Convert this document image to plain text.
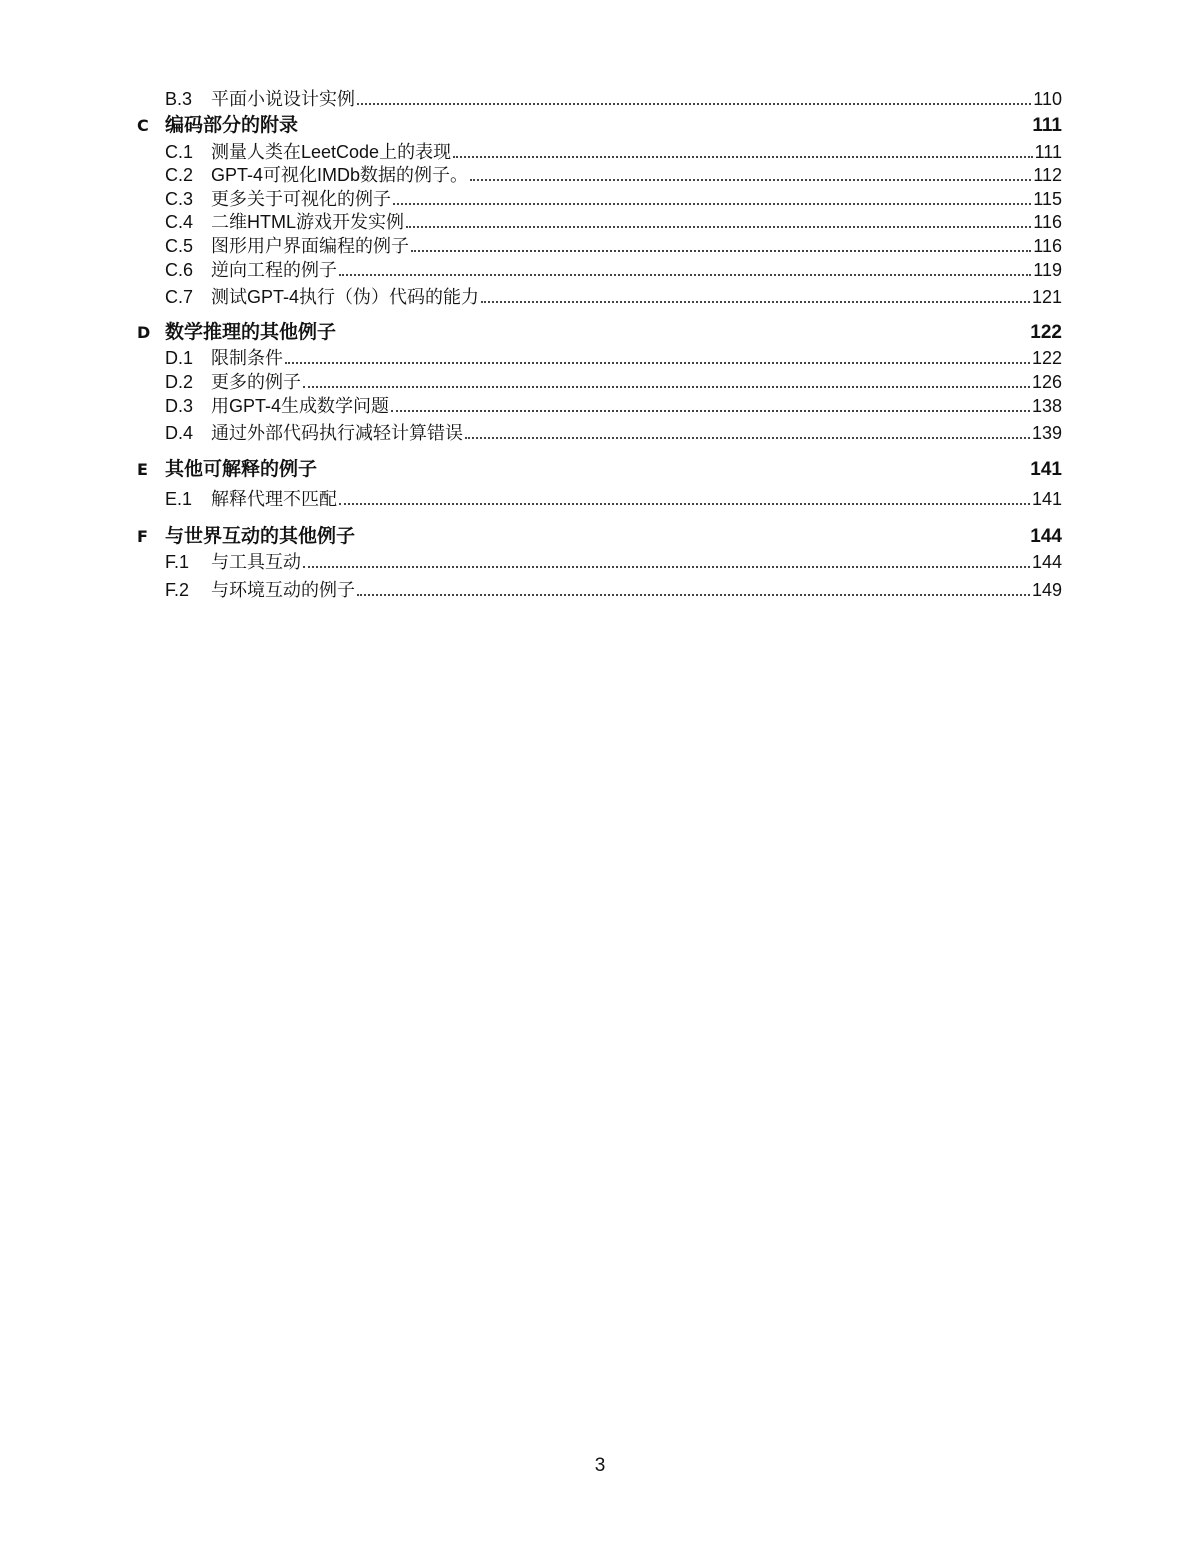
B.3	平面小说设计实例	110
C 编码部分的附录	111
C.1 测量人类在LeetCode上的表现	111
C.2 GPT-4可视化IMDb数据的例子。	112
C.3 更多关于可视化的例子	115
C.4 二维HTML游戏开发实例	116
C.5 图形用户界面编程的例子	116
C.6 逆向工程的例子	119
C.7 测试GPT-4执行（伪）代码的能力	121
D 数学推理的其他例子	122
D.1 限制条件	122
D.2 更多的例子	126
D.3 用GPT-4生成数学问题	138
D.4 通过外部代码执行减轻计算错误	139
E 其他可解释的例子	141
E.1	解释代理不匹配	141
F 与世界互动的其他例子	144
F.1	与工具互动	144
F.2	与环境互动的例子	149
3
